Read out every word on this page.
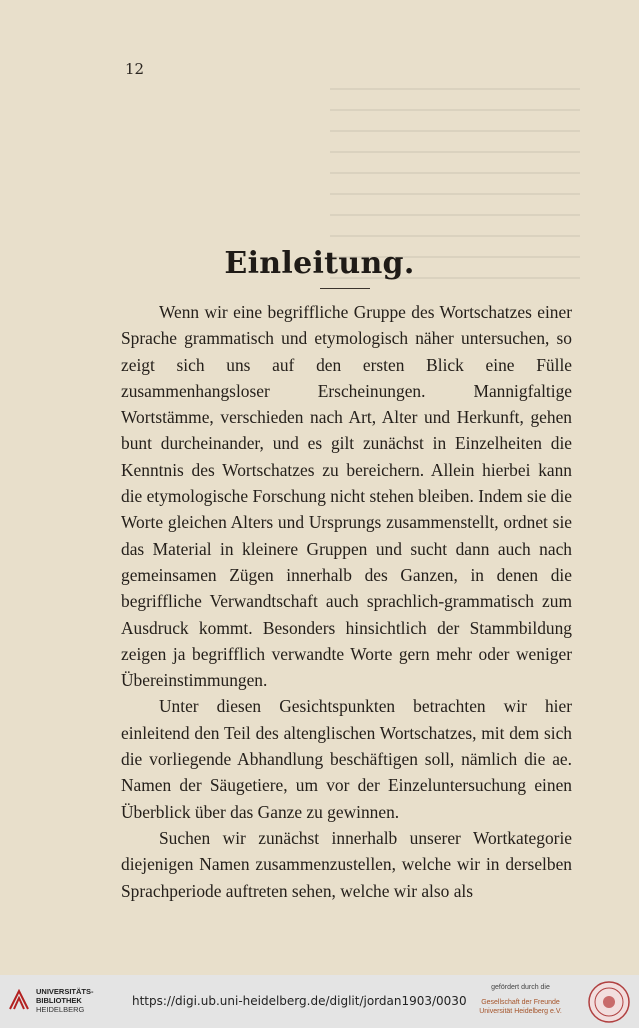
12
Einleitung.

Wenn wir eine begriffliche Gruppe des Wortschatzes einer Sprache grammatisch und etymologisch näher untersuchen, so zeigt sich uns auf den ersten Blick eine Fülle zusammenhangsloser Erscheinungen. Mannigfaltige Wortstämme, verschieden nach Art, Alter und Herkunft, gehen bunt durcheinander, und es gilt zunächst in Einzelheiten die Kenntnis des Wortschatzes zu bereichern. Allein hierbei kann die etymologische Forschung nicht stehen bleiben. Indem sie die Worte gleichen Alters und Ursprungs zusammenstellt, ordnet sie das Material in kleinere Gruppen und sucht dann auch nach gemeinsamen Zügen innerhalb des Ganzen, in denen die begriffliche Verwandtschaft auch sprachlich-grammatisch zum Ausdruck kommt. Besonders hinsichtlich der Stammbildung zeigen ja begrifflich verwandte Worte gern mehr oder weniger Übereinstimmungen.

Unter diesen Gesichtspunkten betrachten wir hier einleitend den Teil des altenglischen Wortschatzes, mit dem sich die vorliegende Abhandlung beschäftigen soll, nämlich die ae. Namen der Säugetiere, um vor der Einzeluntersuchung einen Überblick über das Ganze zu gewinnen.

Suchen wir zunächst innerhalb unserer Wortkategorie diejenigen Namen zusammenzustellen, welche wir in derselben Sprachperiode auftreten sehen, welche wir also als

UNIVERSITÄTS-
BIBLIOTHEK
HEIDELBERG
https://digi.ub.uni-heidelberg.de/diglit/jordan1903/0030
gefördert durch die
Gesellschaft der Freunde
Universität Heidelberg e.V.
